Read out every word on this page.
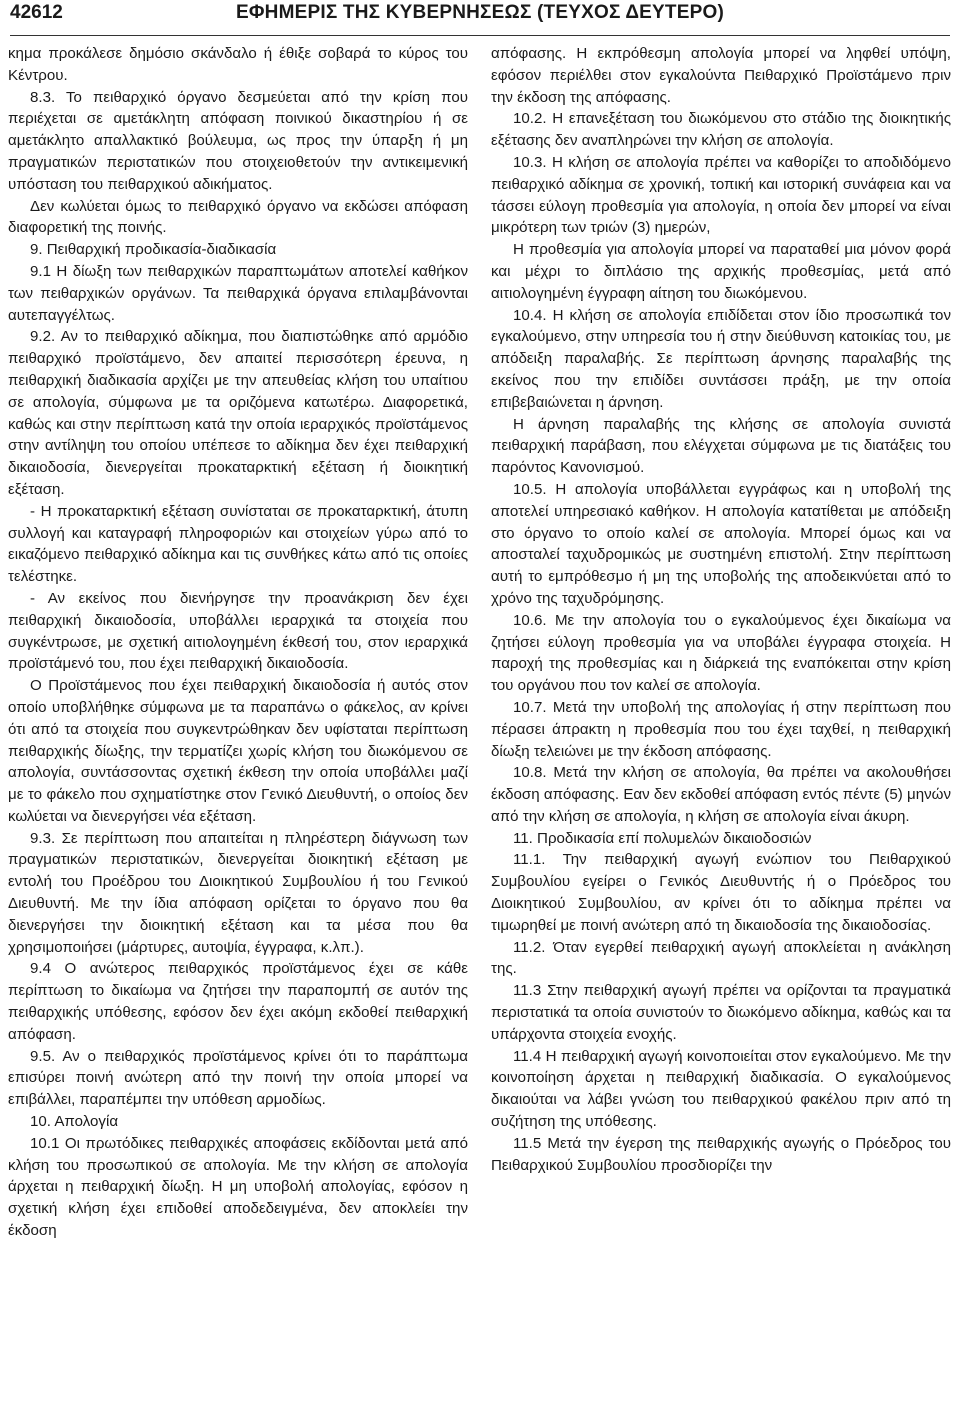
42612	ΕΦΗΜΕΡΙΣ ΤΗΣ ΚΥΒΕΡΝΗΣΕΩΣ (ΤΕΥΧΟΣ ΔΕΥΤΕΡΟ)

κημα προκάλεσε δημόσιο σκάνδαλο ή έθιξε σοβαρά το κύρος του Κέντρου.

8.3. Το πειθαρχικό όργανο δεσμεύεται από την κρίση που περιέχεται σε αμετάκλητη απόφαση ποινικού δικαστηρίου ή σε αμετάκλητο απαλλακτικό βούλευμα, ως προς την ύπαρξη ή μη πραγματικών περιστατικών που στοιχειοθετούν την αντικειμενική υπόσταση του πειθαρχικού αδικήματος.

Δεν κωλύεται όμως το πειθαρχικό όργανο να εκδώσει απόφαση διαφορετική της ποινής.

9. Πειθαρχική προδικασία-διαδικασία

9.1 Η δίωξη των πειθαρχικών παραπτωμάτων αποτελεί καθήκον των πειθαρχικών οργάνων. Τα πειθαρχικά όργανα επιλαμβάνονται αυτεπαγγέλτως.

9.2. Αν το πειθαρχικό αδίκημα, που διαπιστώθηκε από αρμόδιο πειθαρχικό προϊστάμενο, δεν απαιτεί περισσότερη έρευνα, η πειθαρχική διαδικασία αρχίζει με την απευθείας κλήση του υπαίτιου σε απολογία, σύμφωνα με τα οριζόμενα κατωτέρω. Διαφορετικά, καθώς και στην περίπτωση κατά την οποία ιεραρχικός προϊστάμενος στην αντίληψη του οποίου υπέπεσε το αδίκημα δεν έχει πειθαρχική δικαιοδοσία, διενεργείται προκαταρκτική εξέταση ή διοικητική εξέταση.

- Η προκαταρκτική εξέταση συνίσταται σε προκαταρκτική, άτυπη συλλογή και καταγραφή πληροφοριών και στοιχείων γύρω από το εικαζόμενο πειθαρχικό αδίκημα και τις συνθήκες κάτω από τις οποίες τελέστηκε.

- Αν εκείνος που διενήργησε την προανάκριση δεν έχει πειθαρχική δικαιοδοσία, υποβάλλει ιεραρχικά τα στοιχεία που συγκέντρωσε, με σχετική αιτιολογημένη έκθεσή του, στον ιεραρχικά προϊστάμενό του, που έχει πειθαρχική δικαιοδοσία.

Ο Προϊστάμενος που έχει πειθαρχική δικαιοδοσία ή αυτός στον οποίο υποβλήθηκε σύμφωνα με τα παραπάνω ο φάκελος, αν κρίνει ότι από τα στοιχεία που συγκεντρώθηκαν δεν υφίσταται περίπτωση πειθαρχικής δίωξης, την τερματίζει χωρίς κλήση του διωκόμενου σε απολογία, συντάσσοντας σχετική έκθεση την οποία υποβάλλει μαζί με το φάκελο που σχηματίστηκε στον Γενικό Διευθυντή, ο οποίος δεν κωλύεται να διενεργήσει νέα εξέταση.

9.3. Σε περίπτωση που απαιτείται η πληρέστερη διάγνωση των πραγματικών περιστατικών, διενεργείται διοικητική εξέταση με εντολή του Προέδρου του Διοικητικού Συμβουλίου ή του Γενικού Διευθυντή. Με την ίδια απόφαση ορίζεται το όργανο που θα διενεργήσει την διοικητική εξέταση και τα μέσα που θα χρησιμοποιήσει (μάρτυρες, αυτοψία, έγγραφα, κ.λπ.).

9.4 Ο ανώτερος πειθαρχικός προϊστάμενος έχει σε κάθε περίπτωση το δικαίωμα να ζητήσει την παραπομπή σε αυτόν της πειθαρχικής υπόθεσης, εφόσον δεν έχει ακόμη εκδοθεί πειθαρχική απόφαση.

9.5. Αν ο πειθαρχικός προϊστάμενος κρίνει ότι το παράπτωμα επισύρει ποινή ανώτερη από την ποινή την οποία μπορεί να επιβάλλει, παραπέμπει την υπόθεση αρμοδίως.

10. Απολογία

10.1 Οι πρωτόδικες πειθαρχικές αποφάσεις εκδίδονται μετά από κλήση του προσωπικού σε απολογία. Με την κλήση σε απολογία άρχεται η πειθαρχική δίωξη. Η μη υποβολή απολογίας, εφόσον η σχετική κλήση έχει επιδοθεί αποδεδειγμένα, δεν αποκλείει την έκδοση

απόφασης. Η εκπρόθεσμη απολογία μπορεί να ληφθεί υπόψη, εφόσον περιέλθει στον εγκαλούντα Πειθαρχικό Προϊστάμενο πριν την έκδοση της απόφασης.

10.2. Η επανεξέταση του διωκόμενου στο στάδιο της διοικητικής εξέτασης δεν αναπληρώνει την κλήση σε απολογία.

10.3. Η κλήση σε απολογία πρέπει να καθορίζει το αποδιδόμενο πειθαρχικό αδίκημα σε χρονική, τοπική και ιστορική συνάφεια και να τάσσει εύλογη προθεσμία για απολογία, η οποία δεν μπορεί να είναι μικρότερη των τριών (3) ημερών,

Η προθεσμία για απολογία μπορεί να παραταθεί μια μόνον φορά και μέχρι το διπλάσιο της αρχικής προθεσμίας, μετά από αιτιολογημένη έγγραφη αίτηση του διωκόμενου.

10.4. Η κλήση σε απολογία επιδίδεται στον ίδιο προσωπικά τον εγκαλούμενο, στην υπηρεσία του ή στην διεύθυνση κατοικίας του, με απόδειξη παραλαβής. Σε περίπτωση άρνησης παραλαβής της εκείνος που την επιδίδει συντάσσει πράξη, με την οποία επιβεβαιώνεται η άρνηση.

Η άρνηση παραλαβής της κλήσης σε απολογία συνιστά πειθαρχική παράβαση, που ελέγχεται σύμφωνα με τις διατάξεις του παρόντος Κανονισμού.

10.5. Η απολογία υποβάλλεται εγγράφως και η υποβολή της αποτελεί υπηρεσιακό καθήκον. Η απολογία κατατίθεται με απόδειξη στο όργανο το οποίο καλεί σε απολογία. Μπορεί όμως και να αποσταλεί ταχυδρομικώς με συστημένη επιστολή. Στην περίπτωση αυτή το εμπρόθεσμο ή μη της υποβολής της αποδεικνύεται από το χρόνο της ταχυδρόμησης.

10.6. Με την απολογία του ο εγκαλούμενος έχει δικαίωμα να ζητήσει εύλογη προθεσμία για να υποβάλει έγγραφα στοιχεία. Η παροχή της προθεσμίας και η διάρκειά της εναπόκειται στην κρίση του οργάνου που τον καλεί σε απολογία.

10.7. Μετά την υποβολή της απολογίας ή στην περίπτωση που πέρασει άπρακτη η προθεσμία που του έχει ταχθεί, η πειθαρχική δίωξη τελειώνει με την έκδοση απόφασης.

10.8. Μετά την κλήση σε απολογία, θα πρέπει να ακολουθήσει έκδοση απόφασης. Εαν δεν εκδοθεί απόφαση εντός πέντε (5) μηνών από την κλήση σε απολογία, η κλήση σε απολογία είναι άκυρη.

11. Προδικασία επί πολυμελών δικαιοδοσιών

11.1. Την πειθαρχική αγωγή ενώπιον του Πειθαρχικού Συμβουλίου εγείρει ο Γενικός Διευθυντής ή ο Πρόεδρος του Διοικητικού Συμβουλίου, αν κρίνει ότι το αδίκημα πρέπει να τιμωρηθεί με ποινή ανώτερη από τη δικαιοδοσία της δικαιοδοσίας.

11.2. Όταν εγερθεί πειθαρχική αγωγή αποκλείεται η ανάκληση της.

11.3 Στην πειθαρχική αγωγή πρέπει να ορίζονται τα πραγματικά περιστατικά τα οποία συνιστούν το διωκόμενο αδίκημα, καθώς και τα υπάρχοντα στοιχεία ενοχής.

11.4 Η πειθαρχική αγωγή κοινοποιείται στον εγκαλούμενο. Με την κοινοποίηση άρχεται η πειθαρχική διαδικασία. Ο εγκαλούμενος δικαιούται να λάβει γνώση του πειθαρχικού φακέλου πριν από τη συζήτηση της υπόθεσης.

11.5 Μετά την έγερση της πειθαρχικής αγωγής ο Πρόεδρος του Πειθαρχικού Συμβουλίου προσδιορίζει την
